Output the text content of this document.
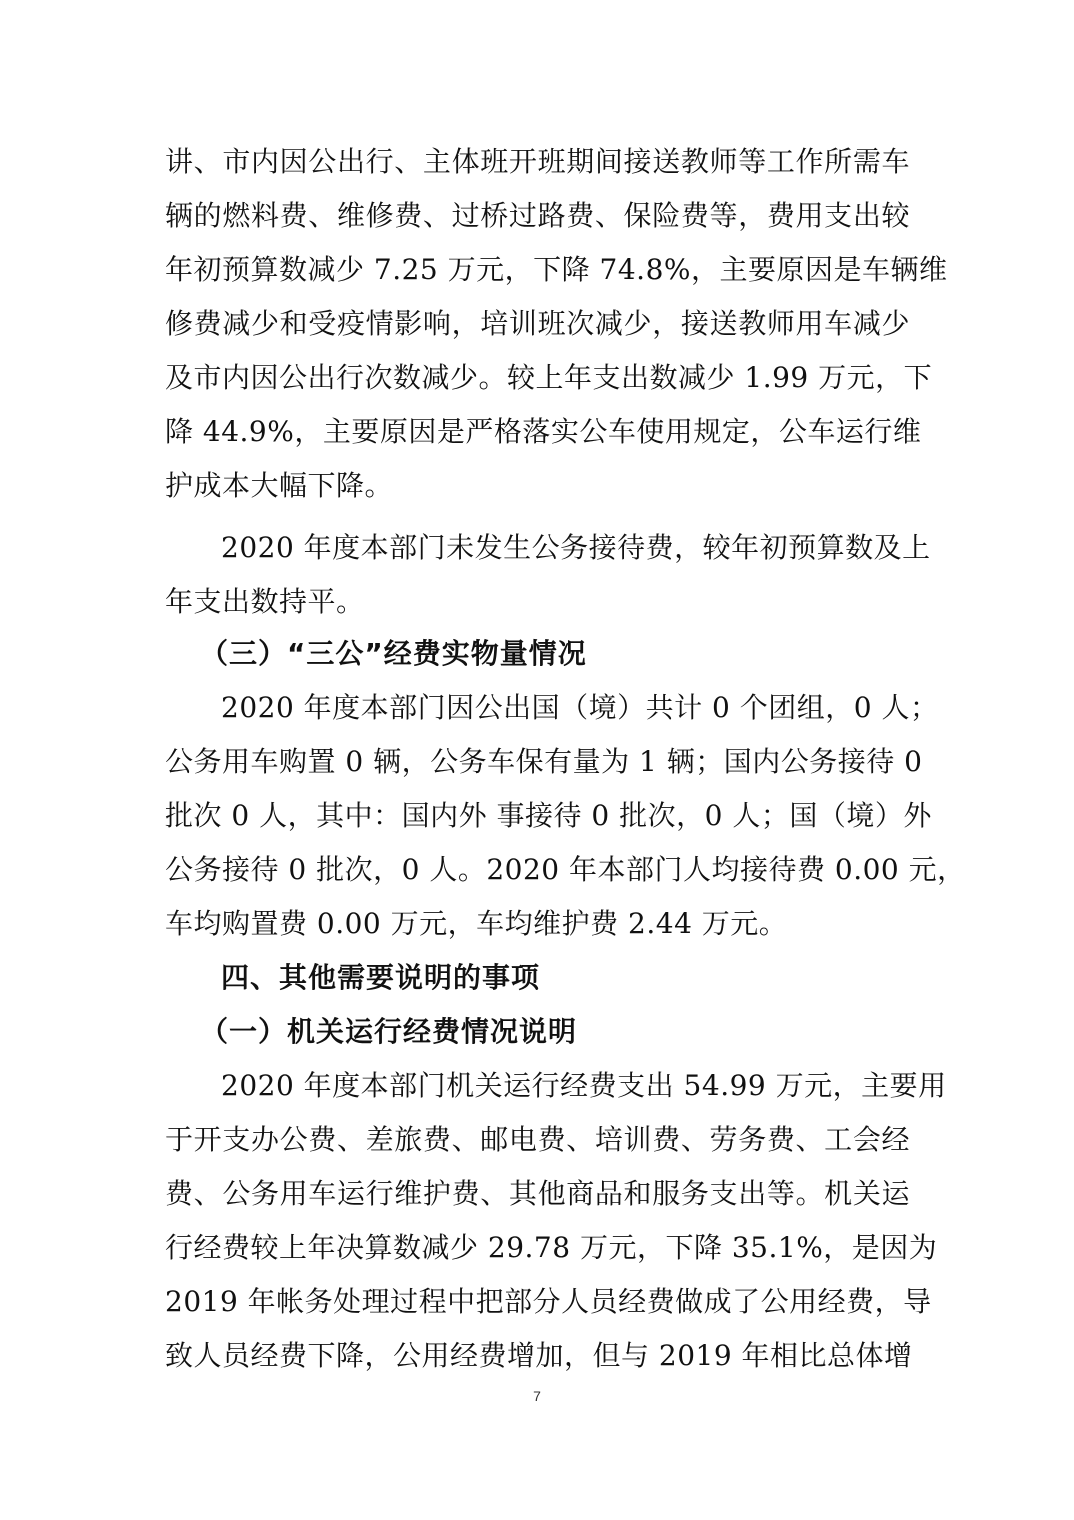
讲、市内因公出行、主体班开班期间接送教师等工作所需车
辆的燃料费、维修费、过桥过路费、保险费等，费用支出较
年初预算数减少 7.25 万元，下降 74.8%，主要原因是车辆维
修费减少和受疫情影响，培训班次减少，接送教师用车减少
及市内因公出行次数减少。较上年支出数减少 1.99 万元，下
降 44.9%，主要原因是严格落实公车使用规定，公车运行维
护成本大幅下降。
2020 年度本部门未发生公务接待费，较年初预算数及上
年支出数持平。
（三）“三公”经费实物量情况
2020 年度本部门因公出国（境）共计 0 个团组，0 人；
公务用车购置 0 辆，公务车保有量为 1 辆；国内公务接待 0
批次 0 人，其中：国内外 事接待 0 批次，0 人；国（境）外
公务接待 0 批次，0 人。2020 年本部门人均接待费 0.00 元，
车均购置费 0.00 万元，车均维护费 2.44 万元。
四、其他需要说明的事项
（一）机关运行经费情况说明
2020 年度本部门机关运行经费支出 54.99 万元，主要用
于开支办公费、差旅费、邮电费、培训费、劳务费、工会经
费、公务用车运行维护费、其他商品和服务支出等。机关运
行经费较上年决算数减少 29.78 万元，下降 35.1%，是因为
2019 年帐务处理过程中把部分人员经费做成了公用经费，导
致人员经费下降，公用经费增加，但与 2019 年相比总体增
7
